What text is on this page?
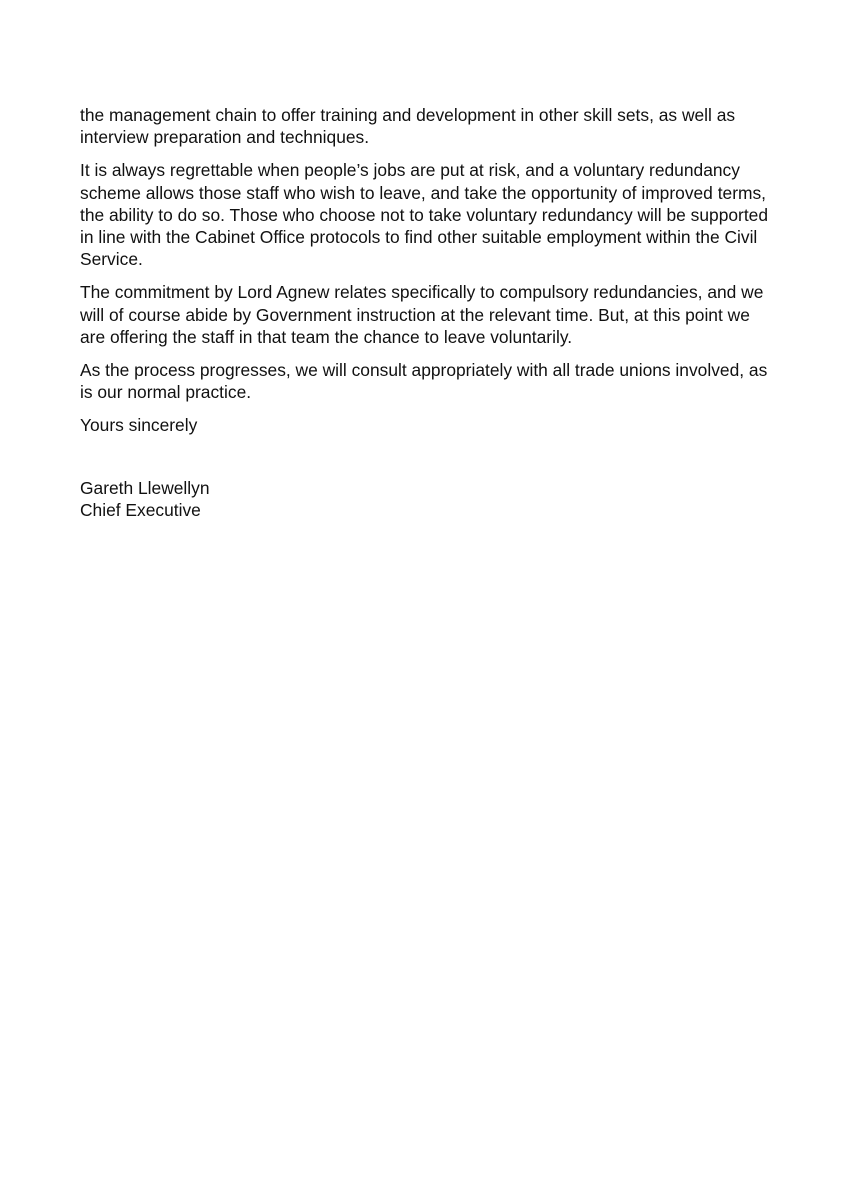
the management chain to offer training and development in other skill sets, as well as
interview preparation and techniques.

It is always regrettable when people’s jobs are put at risk, and a voluntary redundancy
scheme allows those staff who wish to leave, and take the opportunity of improved terms,
the ability to do so. Those who choose not to take voluntary redundancy will be supported
in line with the Cabinet Office protocols to find other suitable employment within the Civil
Service.

The commitment by Lord Agnew relates specifically to compulsory redundancies, and we
will of course abide by Government instruction at the relevant time. But, at this point we
are offering the staff in that team the chance to leave voluntarily.

As the process progresses, we will consult appropriately with all trade unions involved, as
is our normal practice.

Yours sincerely

Gareth Llewellyn
Chief Executive
